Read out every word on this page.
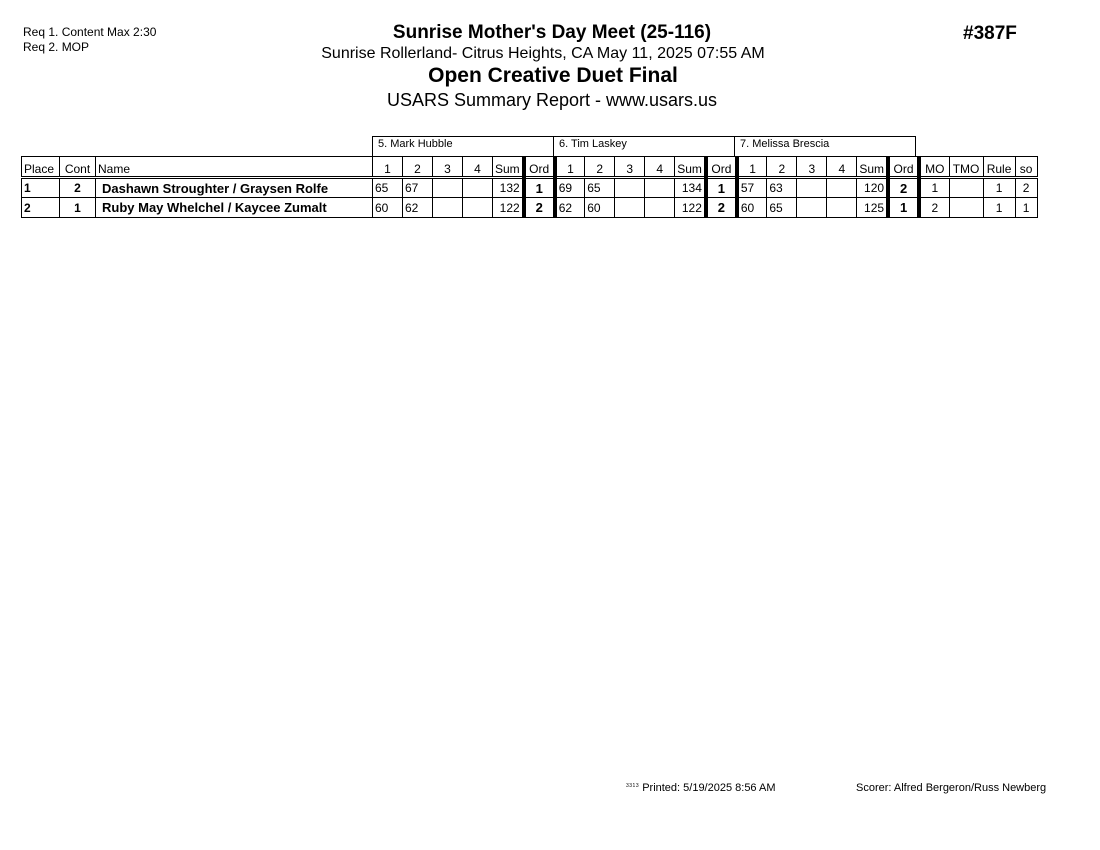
Req 1. Content Max 2:30
Req 2. MOP
Sunrise Mother's Day Meet (25-116)
Sunrise Rollerland- Citrus Heights, CA May 11, 2025 07:55 AM
Open Creative Duet Final
USARS Summary Report - www.usars.us
#387F
5. Mark Hubble	6. Tim Laskey	7. Melissa Brescia
Place	Cont	Name	1	2	3	4	Sum	Ord	1	2	3	4	Sum	Ord	1	2	3	4	Sum	Ord	MO	TMO	Rule	so
1	2	Dashawn Stroughter / Graysen Rolfe	65	67			132	1	69	65			134	1	57	63			120	2	1		1	2
2	1	Ruby May Whelchel / Kaycee Zumalt	60	62			122	2	62	60			122	2	60	65			125	1	2		1	1
$^{3313}$ Printed: 5/19/2025 8:56 AM	Scorer: Alfred Bergeron/Russ Newberg
